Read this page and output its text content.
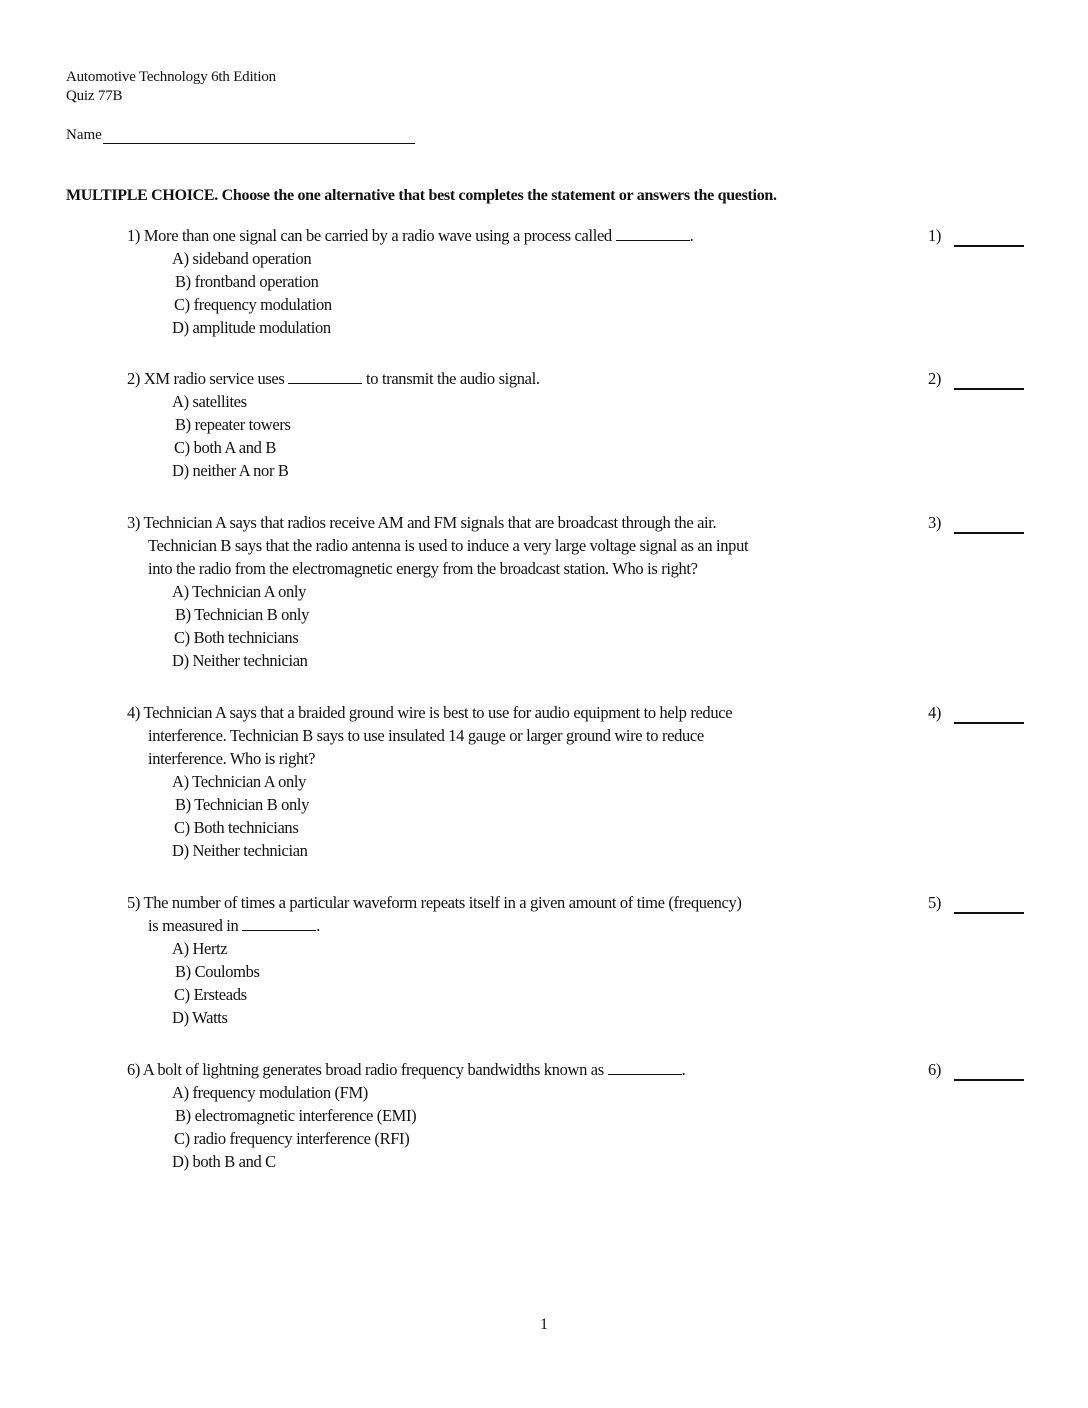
Automotive Technology 6th Edition
Quiz 77B
Name
MULTIPLE CHOICE. Choose the one alternative that best completes the statement or answers the question.
1) More than one signal can be carried by a radio wave using a process called	.	1)
A) sideband operation
B) frontband operation
C) frequency modulation
D) amplitude modulation
2) XM radio service uses	to transmit the audio signal.	2)
A) satellites
B) repeater towers
C) both A and B
D) neither A nor B
3) Technician A says that radios receive AM and FM signals that are broadcast through the air.
Technician B says that the radio antenna is used to induce a very large voltage signal as an input
into the radio from the electromagnetic energy from the broadcast station. Who is right?
3)
A) Technician A only
B) Technician B only
C) Both technicians
D) Neither technician
4) Technician A says that a braided ground wire is best to use for audio equipment to help reduce
interference. Technician B says to use insulated 14 gauge or larger ground wire to reduce
interference. Who is right?
4)
A) Technician A only
B) Technician B only
C) Both technicians
D) Neither technician
5) The number of times a particular waveform repeats itself in a given amount of time (frequency)
is measured in	.
5)
A) Hertz
B) Coulombs
C) Ersteads
D) Watts
6) A bolt of lightning generates broad radio frequency bandwidths known as	.	6)
A) frequency modulation (FM)
B) electromagnetic interference (EMI)
C) radio frequency interference (RFI)
D) both B and C
1
